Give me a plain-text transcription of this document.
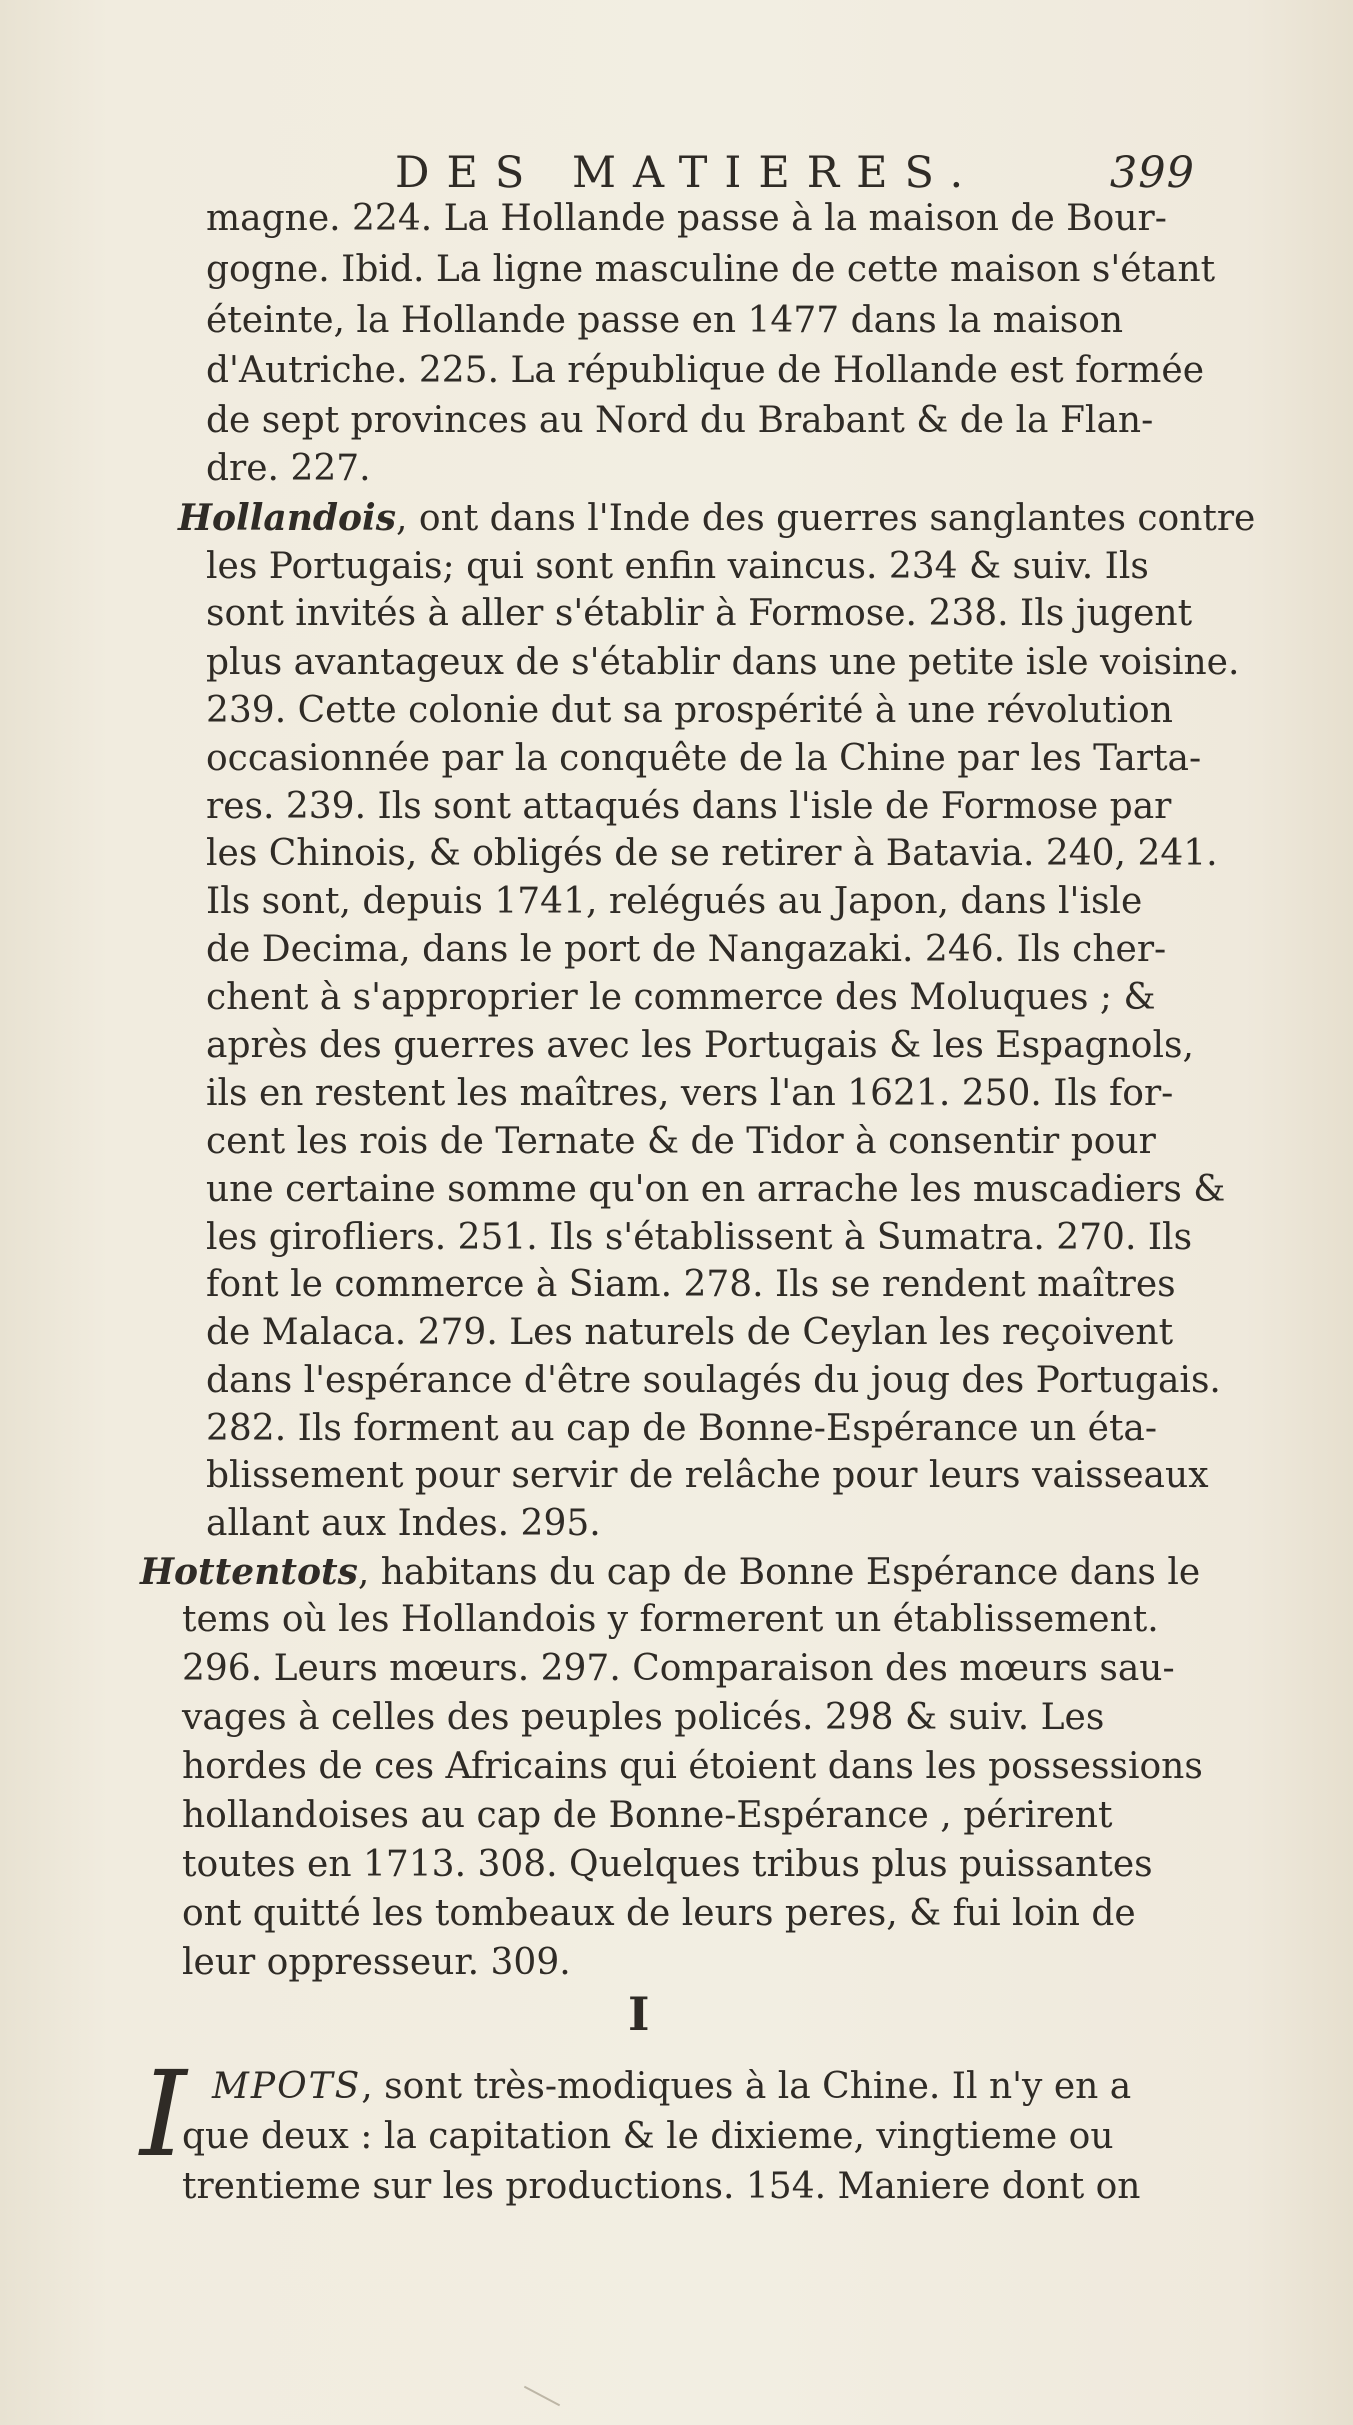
DES MATIERES.	399
magne. 224. La Hollande passe à la maison de Bour-
gogne. Ibid. La ligne masculine de cette maison s'étant
éteinte, la Hollande passe en 1477 dans la maison
d'Autriche. 225. La république de Hollande est formée
de sept provinces au Nord du Brabant & de la Flan-
dre. 227.
Hollandois, ont dans l'Inde des guerres sanglantes contre
les Portugais; qui sont enfin vaincus. 234 & suiv. Ils
sont invités à aller s'établir à Formose. 238. Ils jugent
plus avantageux de s'établir dans une petite isle voisine.
239. Cette colonie dut sa prospérité à une révolution
occasionnée par la conquête de la Chine par les Tarta-
res. 239. Ils sont attaqués dans l'isle de Formose par
les Chinois, & obligés de se retirer à Batavia. 240, 241.
Ils sont, depuis 1741, relégués au Japon, dans l'isle
de Decima, dans le port de Nangazaki. 246. Ils cher-
chent à s'approprier le commerce des Moluques ; &
après des guerres avec les Portugais & les Espagnols,
ils en restent les maîtres, vers l'an 1621. 250. Ils for-
cent les rois de Ternate & de Tidor à consentir pour
une certaine somme qu'on en arrache les muscadiers &
les girofliers. 251. Ils s'établissent à Sumatra. 270. Ils
font le commerce à Siam. 278. Ils se rendent maîtres
de Malaca. 279. Les naturels de Ceylan les reçoivent
dans l'espérance d'être soulagés du joug des Portugais.
282. Ils forment au cap de Bonne-Espérance un éta-
blissement pour servir de relâche pour leurs vaisseaux
allant aux Indes. 295.
Hottentots, habitans du cap de Bonne Espérance dans le
tems où les Hollandois y formerent un établissement.
296. Leurs mœurs. 297. Comparaison des mœurs sau-
vages à celles des peuples policés. 298 & suiv. Les
hordes de ces Africains qui étoient dans les possessions
hollandoises au cap de Bonne-Espérance , périrent
toutes en 1713. 308. Quelques tribus plus puissantes
ont quitté les tombeaux de leurs peres, & fui loin de
leur oppresseur. 309.
I
I MPOTS, sont très-modiques à la Chine. Il n'y en a
que deux : la capitation & le dixieme, vingtieme ou
trentieme sur les productions. 154. Maniere dont on
